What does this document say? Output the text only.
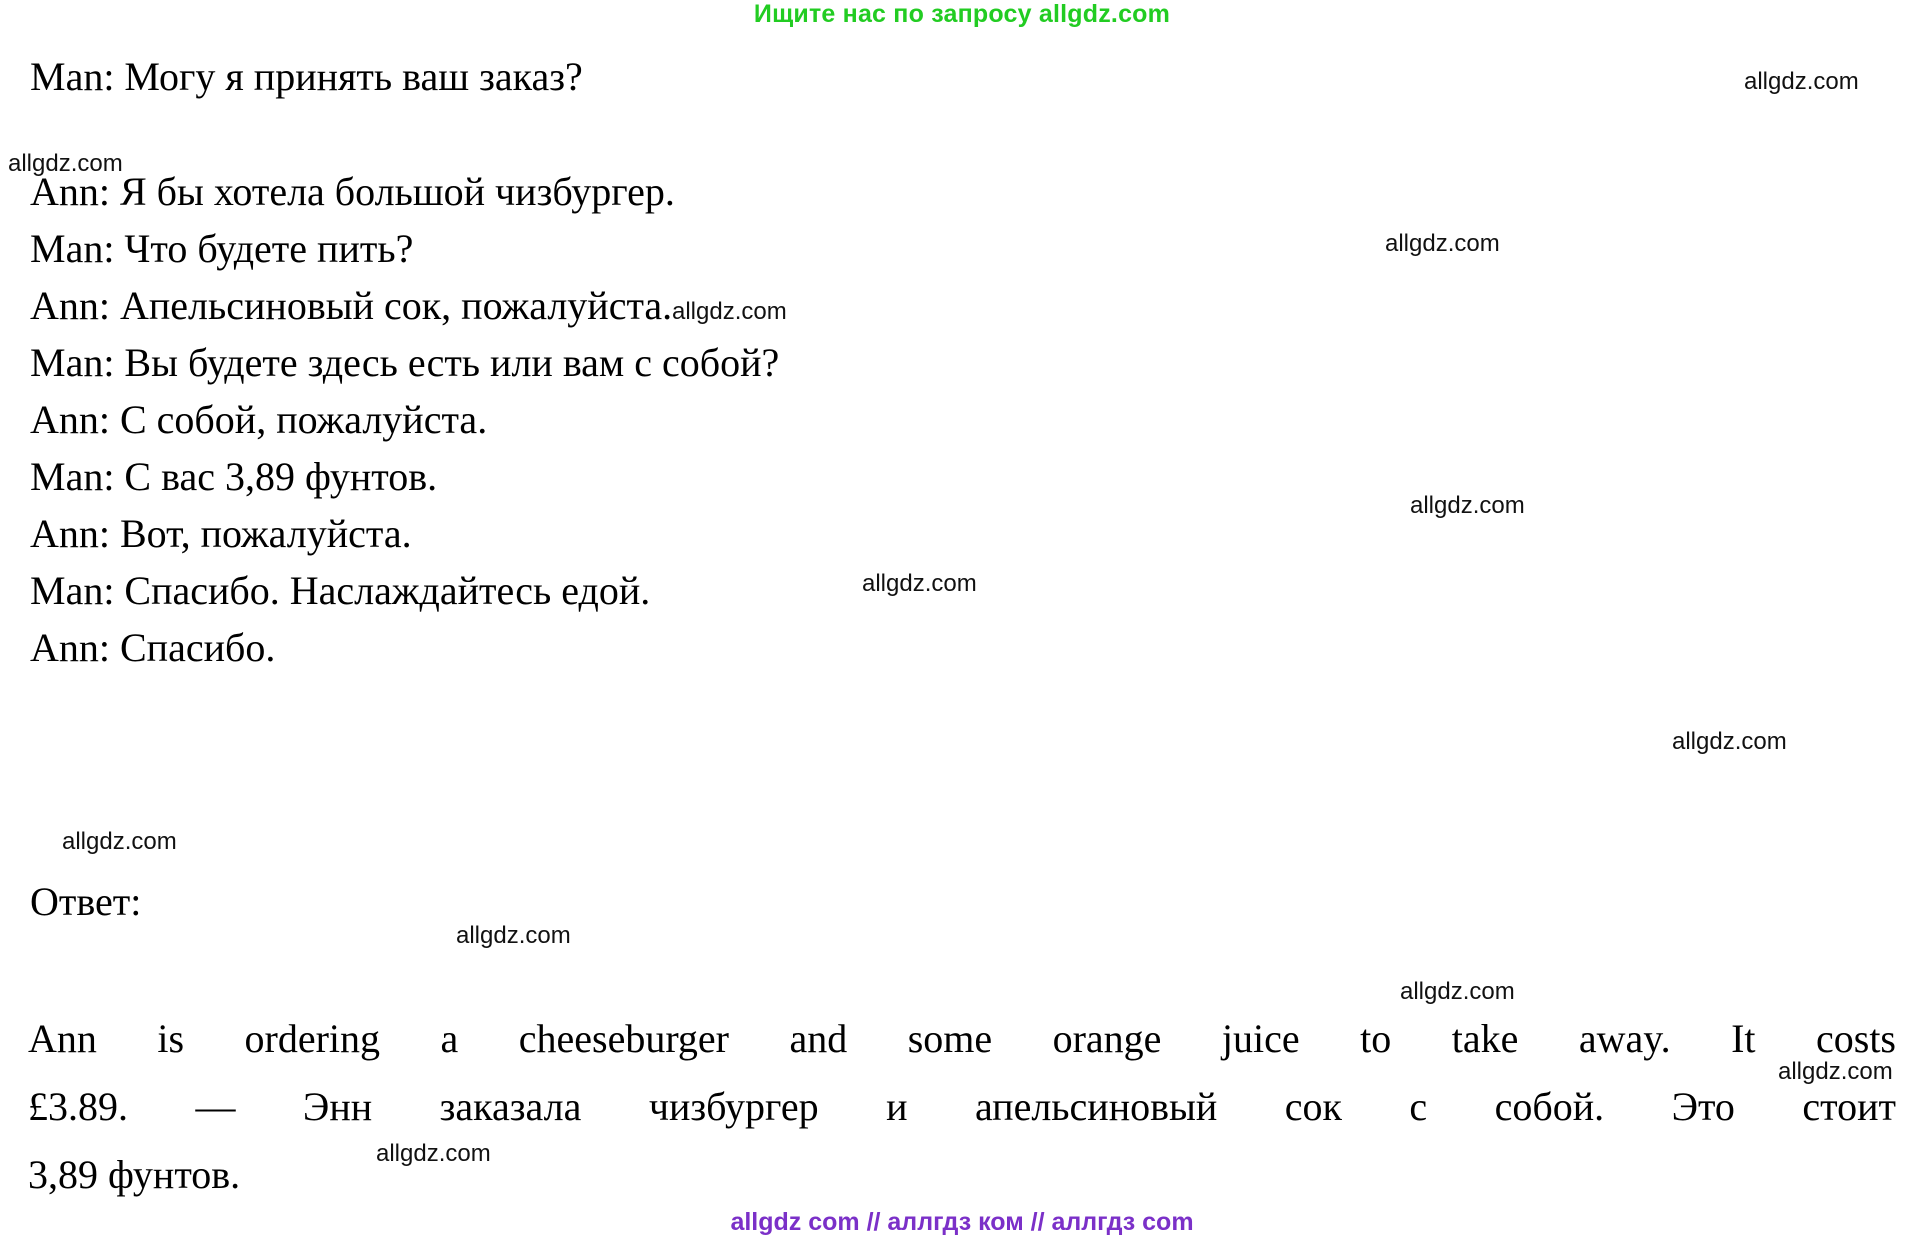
Ищите нас по запросу allgdz.com
Man: Могу я принять ваш заказ?
Ann: Я бы хотела большой чизбургер.
Man: Что будете пить?
Ann: Апельсиновый сок, пожалуйста.
Man: Вы будете здесь есть или вам с собой?
Ann: С собой, пожалуйста.
Man: С вас 3,89 фунтов.
Ann: Вот, пожалуйста.
Man: Спасибо. Наслаждайтесь едой.
Ann: Спасибо.
Ответ:
Ann is ordering a cheeseburger and some orange juice to take away. It costs
£3.89. — Энн заказала чизбургер и апельсиновый сок с собой. Это стоит
3,89 фунтов.
allgdz com // аллгдз ком // аллгдз com
allgdz.com
allgdz.com
allgdz.com
allgdz.com
allgdz.com
allgdz.com
allgdz.com
allgdz.com
allgdz.com
allgdz.com
allgdz.com
allgdz.com
